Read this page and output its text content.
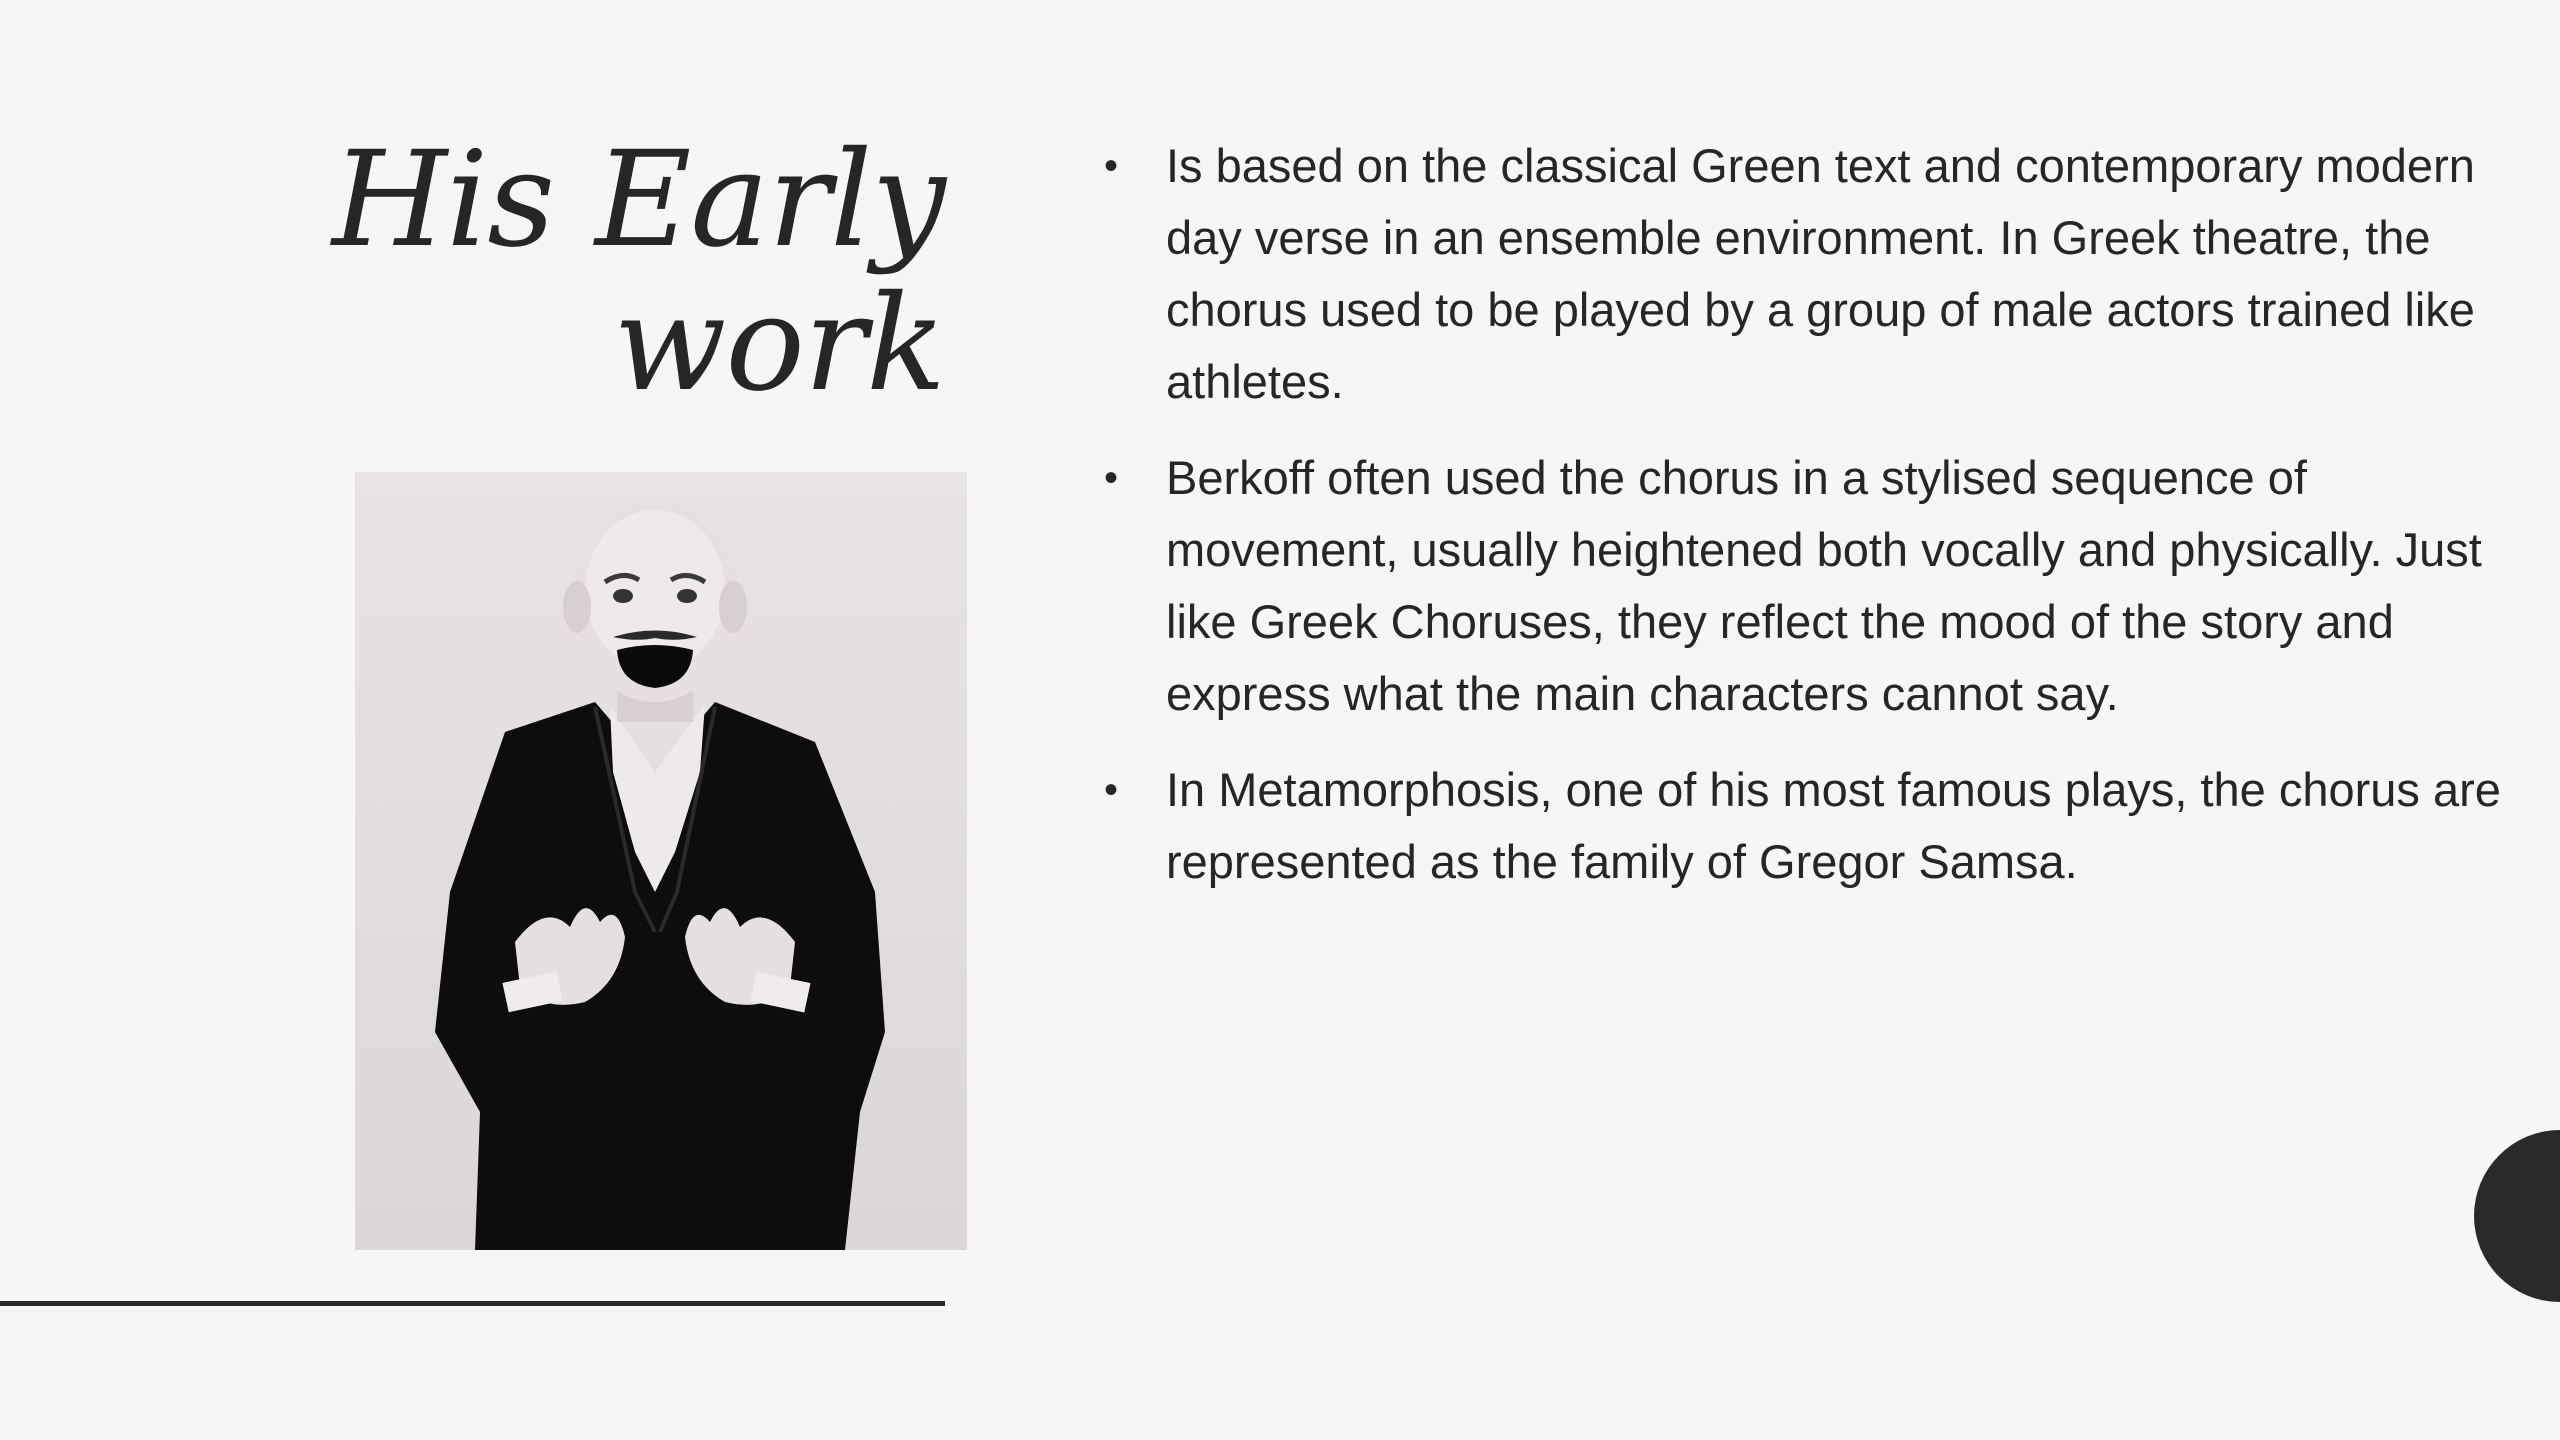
His Early
work
•	Is based on the classical Green text and contemporary modern day verse in an ensemble environment. In Greek theatre, the chorus used to be played by a group of male actors trained like athletes.
•	Berkoff often used the chorus in a stylised sequence of movement, usually heightened both vocally and physically. Just like Greek Choruses, they reflect the mood of the story and express what the main characters cannot say.
•	In Metamorphosis, one of his most famous plays, the chorus are represented as the family of Gregor Samsa.
